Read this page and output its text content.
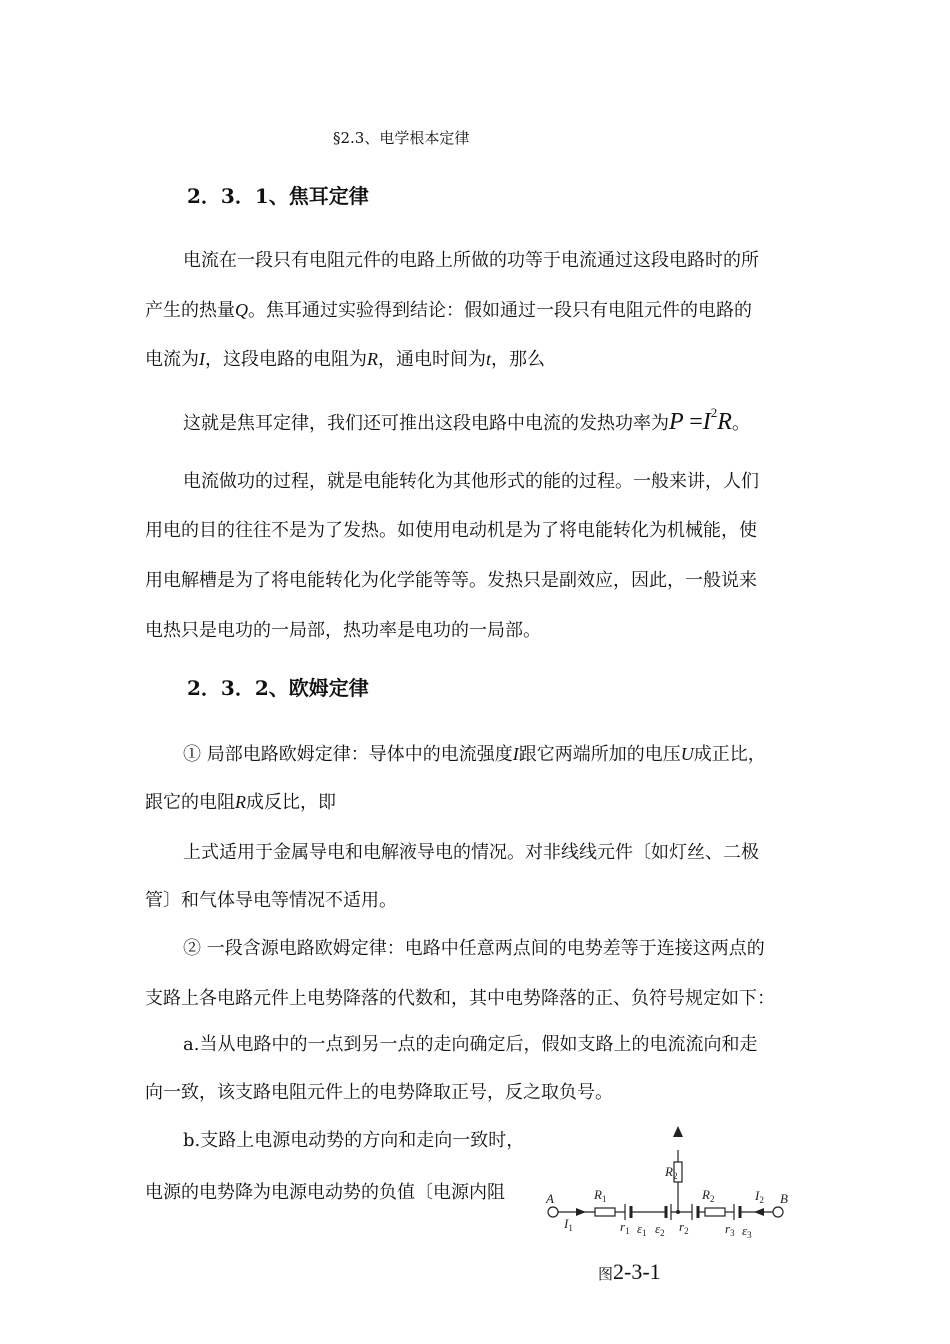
§2.3、电学根本定律
2．3．1、焦耳定律
电流在一段只有电阻元件的电路上所做的功等于电流通过这段电路时的所
产生的热量Q。焦耳通过实验得到结论：假如通过一段只有电阻元件的电路的
电流为I，这段电路的电阻为R，通电时间为t，那么
这就是焦耳定律，我们还可推出这段电路中电流的发热功率为$P =I^2R$。
电流做功的过程，就是电能转化为其他形式的能的过程。一般来讲，人们
用电的目的往往不是为了发热。如使用电动机是为了将电能转化为机械能，使
用电解槽是为了将电能转化为化学能等等。发热只是副效应，因此，一般说来
电热只是电功的一局部，热功率是电功的一局部。
2．3．2、欧姆定律
① 局部电路欧姆定律：导体中的电流强度I跟它两端所加的电压U成正比，
跟它的电阻R成反比，即
上式适用于金属导电和电解液导电的情况。对非线线元件〔如灯丝、二极
管〕和气体导电等情况不适用。
② 一段含源电路欧姆定律：电路中任意两点间的电势差等于连接这两点的
支路上各电路元件上电势降落的代数和，其中电势降落的正、负符号规定如下：
a.当从电路中的一点到另一点的走向确定后，假如支路上的电流流向和走
向一致，该支路电阻元件上的电势降取正号，反之取负号。
b.支路上电源电动势的方向和走向一致时，
电源的电势降为电源电动势的负值〔电源内阻	A	B
$R_1$
$R_2$
$R_2$
$I_1$
$I_2$
$r_1$ $\varepsilon_1$ $\varepsilon_2$ $r_2$	$r_3$ $\varepsilon_3$
图2-3-1
